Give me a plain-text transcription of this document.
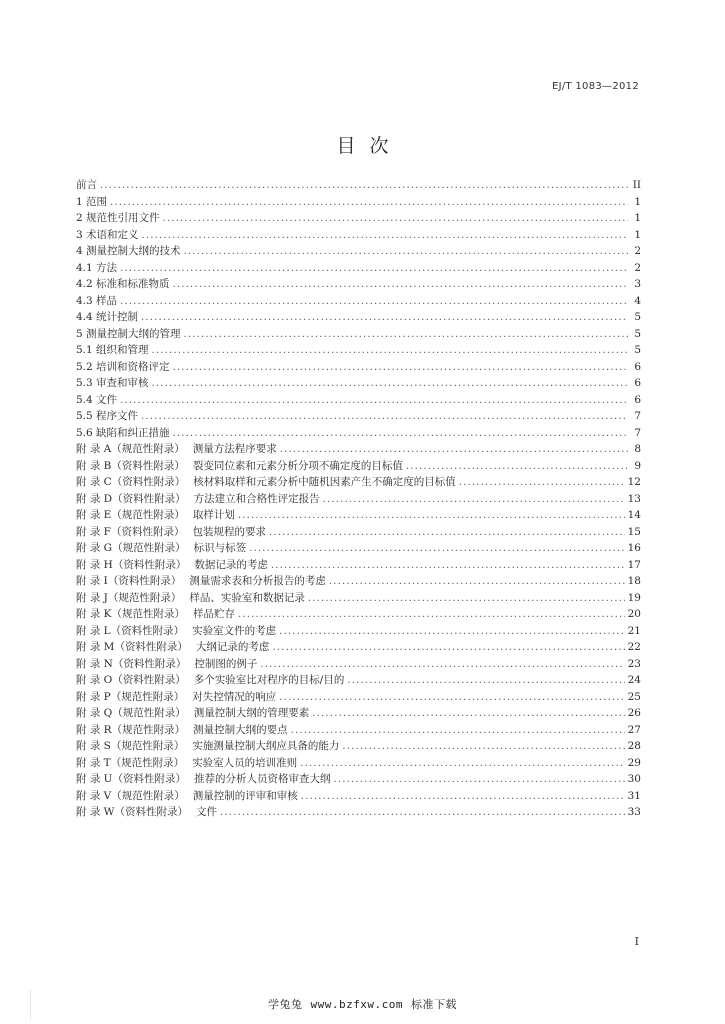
EJ/T 1083—2012
目次
前言 .....	II
1 范围 .....	1
2 规范性引用文件 .....	1
3 术语和定义 .....	1
4 测量控制大纲的技术 .....	2
4.1 方法 .....	2
4.2 标准和标准物质 .....	3
4.3 样品 .....	4
4.4 统计控制 .....	5
5 测量控制大纲的管理 .....	5
5.1 组织和管理 .....	5
5.2 培训和资格评定 .....	6
5.3 审查和审核 .....	6
5.4 文件 .....	6
5.5 程序文件 .....	7
5.6 缺陷和纠正措施 .....	7
附 录 A（规范性附录） 测量方法程序要求 .....	8
附 录 B（资料性附录） 裂变同位素和元素分析分项不确定度的目标值 .....	9
附 录 C（资料性附录） 核材料取样和元素分析中随机因素产生不确定度的目标值 .....	12
附 录 D（资料性附录） 方法建立和合格性评定报告 .....	13
附 录 E（规范性附录） 取样计划 .....	14
附 录 F（资料性附录） 包装规程的要求 .....	15
附 录 G（规范性附录） 标识与标签 .....	16
附 录 H（资料性附录） 数据记录的考虑 .....	17
附 录 I（资料性附录） 测量需求表和分析报告的考虑 .....	18
附 录 J（规范性附录） 样品、实验室和数据记录 .....	19
附 录 K（规范性附录） 样品贮存 .....	20
附 录 L（资料性附录） 实验室文件的考虑 .....	21
附 录 M（资料性附录） 大纲记录的考虑 .....	22
附 录 N（资料性附录） 控制图的例子 .....	23
附 录 O（资料性附录） 多个实验室比对程序的目标/目的 .....	24
附 录 P（规范性附录） 对失控情况的响应 .....	25
附 录 Q（规范性附录） 测量控制大纲的管理要素 .....	26
附 录 R（规范性附录） 测量控制大纲的要点 .....	27
附 录 S（规范性附录） 实施测量控制大纲应具备的能力 .....	28
附 录 T（规范性附录） 实验室人员的培训准则 .....	29
附 录 U（资料性附录） 推荐的分析人员资格审查大纲 .....	30
附 录 V（规范性附录） 测量控制的评审和审核 .....	31
附 录 W（资料性附录） 文件 .....	33
I
学兔兔 www.bzfxw.com 标准下载
